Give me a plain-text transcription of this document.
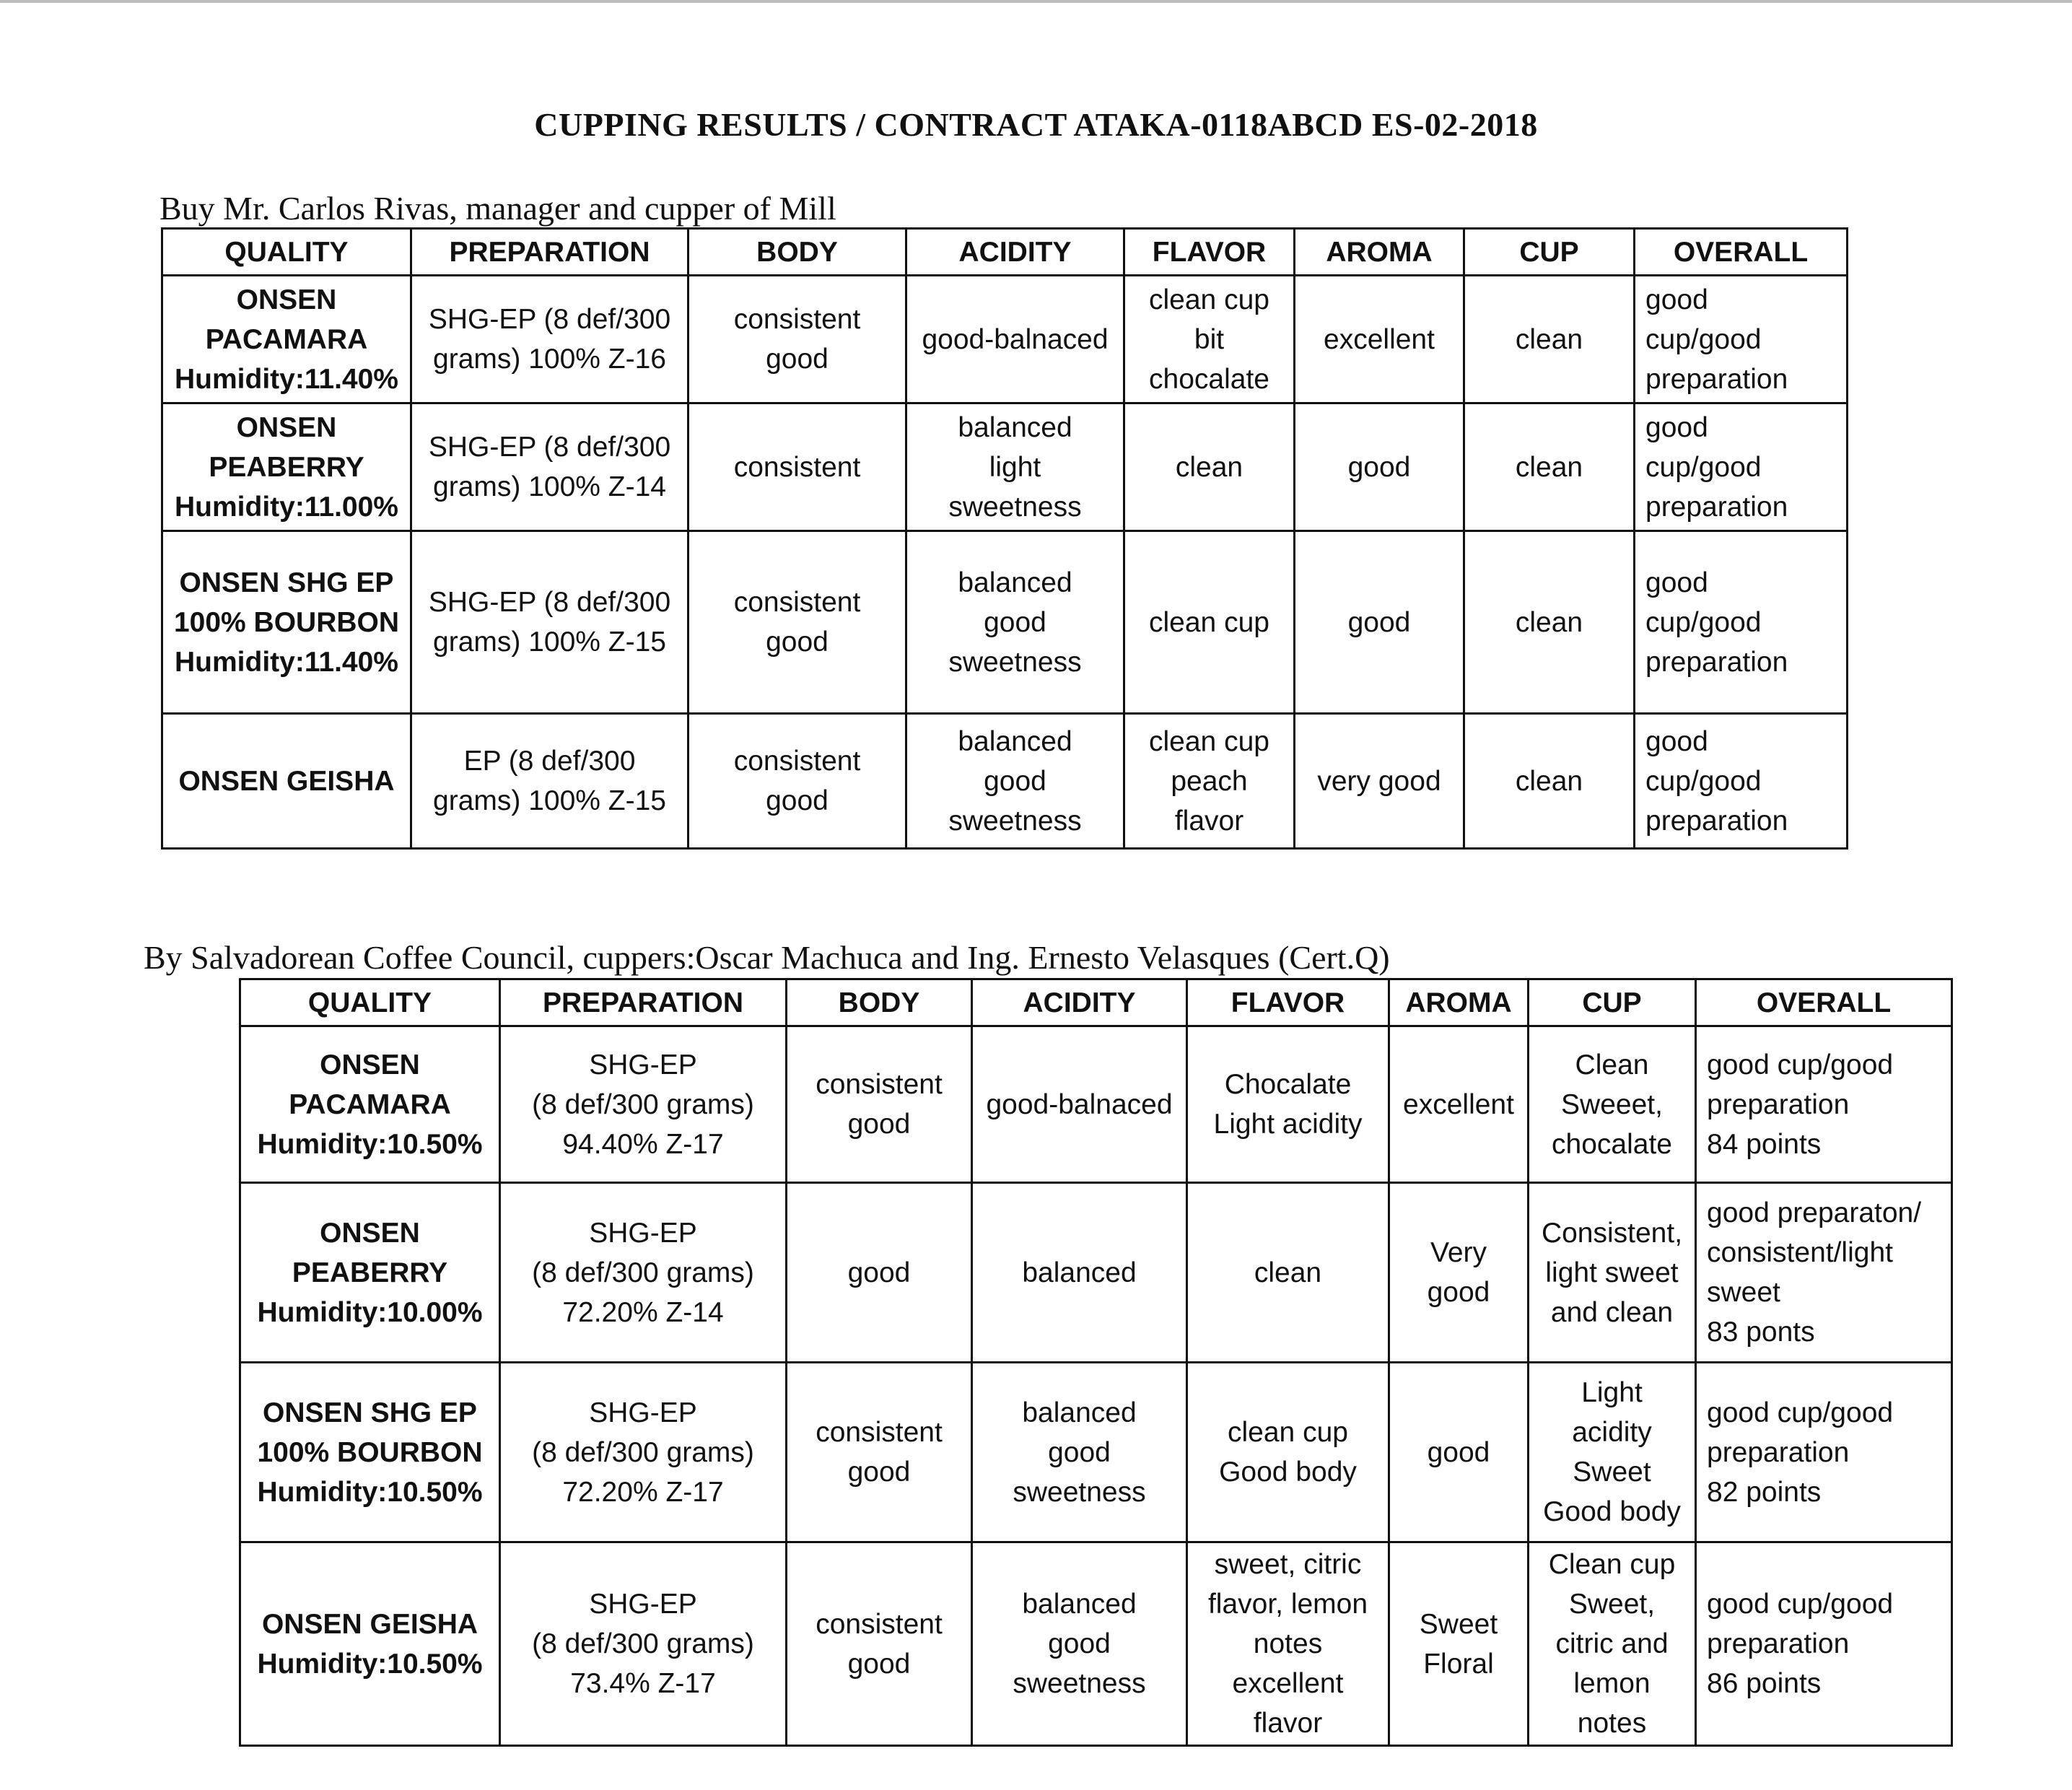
CUPPING RESULTS / CONTRACT ATAKA-0118ABCD ES-02-2018
Buy Mr. Carlos Rivas, manager and cupper of Mill
QUALITY	PREPARATION	BODY	ACIDITY	FLAVOR	AROMA	CUP	OVERALL

ONSEN
PACAMARA
Humidity:11.40%	SHG-EP (8 def/300
grams) 100% Z-16	consistent
good	good-balnaced	clean cup
bit
chocalate	excellent	clean	good
cup/good
preparation

ONSEN
PEABERRY
Humidity:11.00%	SHG-EP (8 def/300
grams) 100% Z-14	consistent	balanced
light
sweetness	clean	good	clean	good
cup/good
preparation

ONSEN SHG EP
100% BOURBON
Humidity:11.40%	SHG-EP (8 def/300
grams) 100% Z-15	consistent
good	balanced
good
sweetness	clean cup	good	clean	good
cup/good
preparation

ONSEN GEISHA	EP (8 def/300
grams) 100% Z-15	consistent
good	balanced
good
sweetness	clean cup
peach
flavor	very good	clean	good
cup/good
preparation
By Salvadorean Coffee Council, cuppers:Oscar Machuca and Ing. Ernesto Velasques (Cert.Q)
QUALITY	PREPARATION	BODY	ACIDITY	FLAVOR	AROMA	CUP	OVERALL

ONSEN
PACAMARA
Humidity:10.50%	SHG-EP
(8 def/300 grams)
94.40% Z-17	consistent
good	good-balnaced	Chocalate
Light acidity	excellent	Clean
Sweeet,
chocalate	good cup/good
preparation
84 points

ONSEN
PEABERRY
Humidity:10.00%	SHG-EP
(8 def/300 grams)
72.20% Z-14	good	balanced	clean	Very
good	Consistent,
light sweet
and clean	good preparaton/
consistent/light
sweet
83 ponts

ONSEN SHG EP
100% BOURBON
Humidity:10.50%	SHG-EP
(8 def/300 grams)
72.20% Z-17	consistent
good	balanced
good
sweetness	clean cup
Good body	good	Light
acidity
Sweet
Good body	good cup/good
preparation
82 points

ONSEN GEISHA
Humidity:10.50%	SHG-EP
(8 def/300 grams)
73.4% Z-17	consistent
good	balanced
good
sweetness	sweet, citric
flavor, lemon
notes
excellent
flavor	Sweet
Floral	Clean cup
Sweet,
citric and
lemon
notes	good cup/good
preparation
86 points
